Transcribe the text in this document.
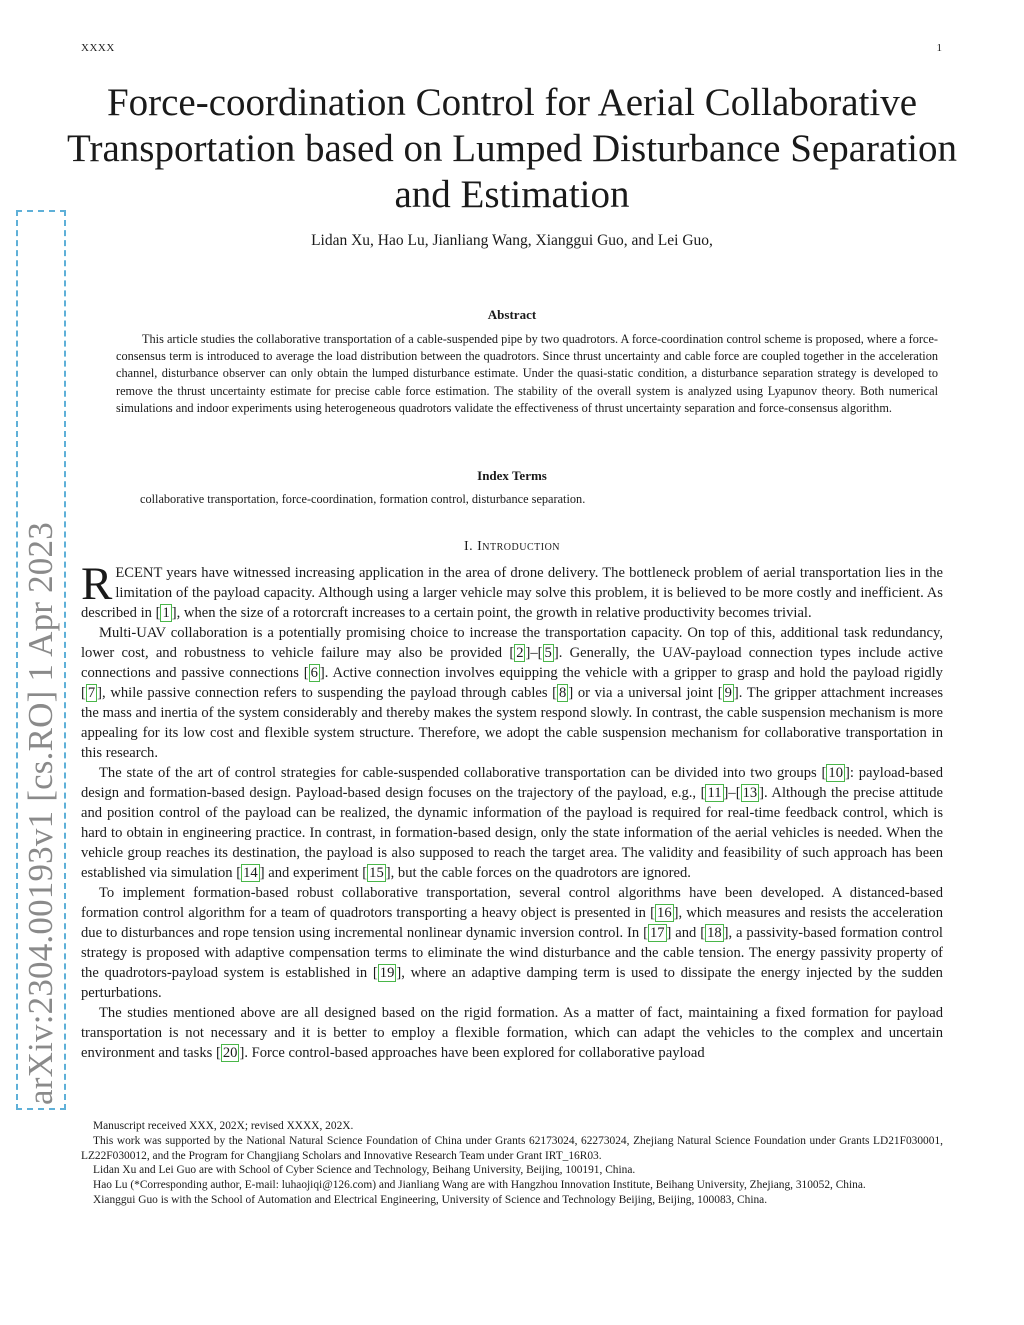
XXXX	1
arXiv:2304.00193v1 [cs.RO] 1 Apr 2023
Force-coordination Control for Aerial Collaborative Transportation based on Lumped Disturbance Separation and Estimation
Lidan Xu, Hao Lu, Jianliang Wang, Xianggui Guo, and Lei Guo,
Abstract
This article studies the collaborative transportation of a cable-suspended pipe by two quadrotors. A force-coordination control scheme is proposed, where a force-consensus term is introduced to average the load distribution between the quadrotors. Since thrust uncertainty and cable force are coupled together in the acceleration channel, disturbance observer can only obtain the lumped disturbance estimate. Under the quasi-static condition, a disturbance separation strategy is developed to remove the thrust uncertainty estimate for precise cable force estimation. The stability of the overall system is analyzed using Lyapunov theory. Both numerical simulations and indoor experiments using heterogeneous quadrotors validate the effectiveness of thrust uncertainty separation and force-consensus algorithm.
Index Terms
collaborative transportation, force-coordination, formation control, disturbance separation.
I. Introduction

RECENT years have witnessed increasing application in the area of drone delivery. The bottleneck problem of aerial transportation lies in the limitation of the payload capacity. Although using a larger vehicle may solve this problem, it is believed to be more costly and inefficient. As described in [ 1 ], when the size of a rotorcraft increases to a certain point, the growth in relative productivity becomes trivial.

Multi-UAV collaboration is a potentially promising choice to increase the transportation capacity. On top of this, additional task redundancy, lower cost, and robustness to vehicle failure may also be provided [ 2 ]–[ 5 ]. Generally, the UAV-payload connection types include active connections and passive connections [ 6 ]. Active connection involves equipping the vehicle with a gripper to grasp and hold the payload rigidly [ 7 ], while passive connection refers to suspending the payload through cables [ 8 ] or via a universal joint [ 9 ]. The gripper attachment increases the mass and inertia of the system considerably and thereby makes the system respond slowly. In contrast, the cable suspension mechanism is more appealing for its low cost and flexible system structure. Therefore, we adopt the cable suspension mechanism for collaborative transportation in this research.

The state of the art of control strategies for cable-suspended collaborative transportation can be divided into two groups [ 10 ]: payload-based design and formation-based design. Payload-based design focuses on the trajectory of the payload, e.g., [ 11 ]–[ 13 ]. Although the precise attitude and position control of the payload can be realized, the dynamic information of the payload is required for real-time feedback control, which is hard to obtain in engineering practice. In contrast, in formation-based design, only the state information of the aerial vehicles is needed. When the vehicle group reaches its destination, the payload is also supposed to reach the target area. The validity and feasibility of such approach has been established via simulation [ 14 ] and experiment [ 15 ], but the cable forces on the quadrotors are ignored.

To implement formation-based robust collaborative transportation, several control algorithms have been developed. A distanced-based formation control algorithm for a team of quadrotors transporting a heavy object is presented in [ 16 ], which measures and resists the acceleration due to disturbances and rope tension using incremental nonlinear dynamic inversion control. In [ 17 ] and [ 18 ], a passivity-based formation control strategy is proposed with adaptive compensation terms to eliminate the wind disturbance and the cable tension. The energy passivity property of the quadrotors-payload system is established in [ 19 ], where an adaptive damping term is used to dissipate the energy injected by the sudden perturbations.

The studies mentioned above are all designed based on the rigid formation. As a matter of fact, maintaining a fixed formation for payload transportation is not necessary and it is better to employ a flexible formation, which can adapt the vehicles to the complex and uncertain environment and tasks [ 20 ]. Force control-based approaches have been explored for collaborative payload

Manuscript received XXX, 202X; revised XXXX, 202X.

This work was supported by the National Natural Science Foundation of China under Grants 62173024, 62273024, Zhejiang Natural Science Foundation under Grants LD21F030001, LZ22F030012, and the Program for Changjiang Scholars and Innovative Research Team under Grant IRT_16R03.

Lidan Xu and Lei Guo are with School of Cyber Science and Technology, Beihang University, Beijing, 100191, China.

Hao Lu (*Corresponding author, E-mail: luhaojiqi@126.com) and Jianliang Wang are with Hangzhou Innovation Institute, Beihang University, Zhejiang, 310052, China.

Xianggui Guo is with the School of Automation and Electrical Engineering, University of Science and Technology Beijing, Beijing, 100083, China.
